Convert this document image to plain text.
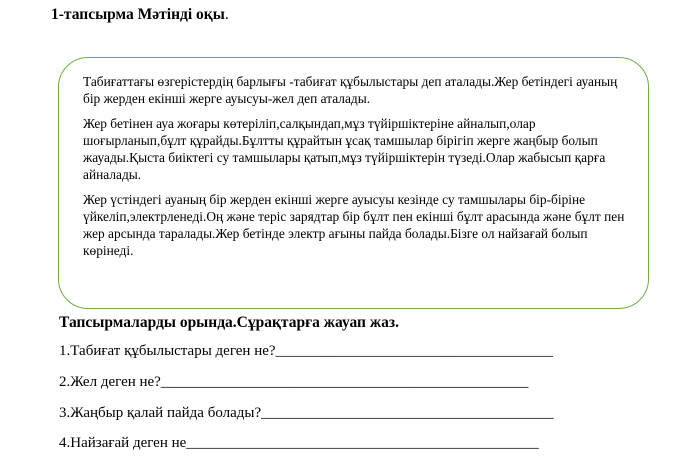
1-тапсырма Мәтінді оқы.

Табиғаттағы өзгерістердің барлығы -табиғат құбылыстары деп аталады.Жер бетіндегі ауаның бір жерден екінші жерге ауысуы-жел деп аталады.

Жер бетінен ауа жоғары көтеріліп,салқындап,мұз түйіршіктеріне айналып,олар шоғырланып,бұлт құрайды.Бұлтты құрайтын ұсақ тамшылар бірігіп жерге жаңбыр болып жауады.Қыста биіктегі су тамшылары қатып,мұз түйіршіктерін түзеді.Олар жабысып қарға айналады.

Жер үстіндегі ауаның бір жерден екінші жерге ауысуы кезінде су тамшылары бір-біріне үйкеліп,электрленеді.Оң және теріс зарядтар бір бұлт пен екінші бұлт арасында және бұлт пен жер арсында таралады.Жер бетінде электр ағыны пайда болады.Бізге ол найзағай болып көрінеді.

Тапсырмаларды орында.Сұрақтарға жауап жаз.
1.Табиғат құбылыстары деген не?_____________________________________
2.Жел деген не?_________________________________________________
3.Жаңбыр қалай пайда болады?_______________________________________
4.Найзағай деген не_______________________________________________
